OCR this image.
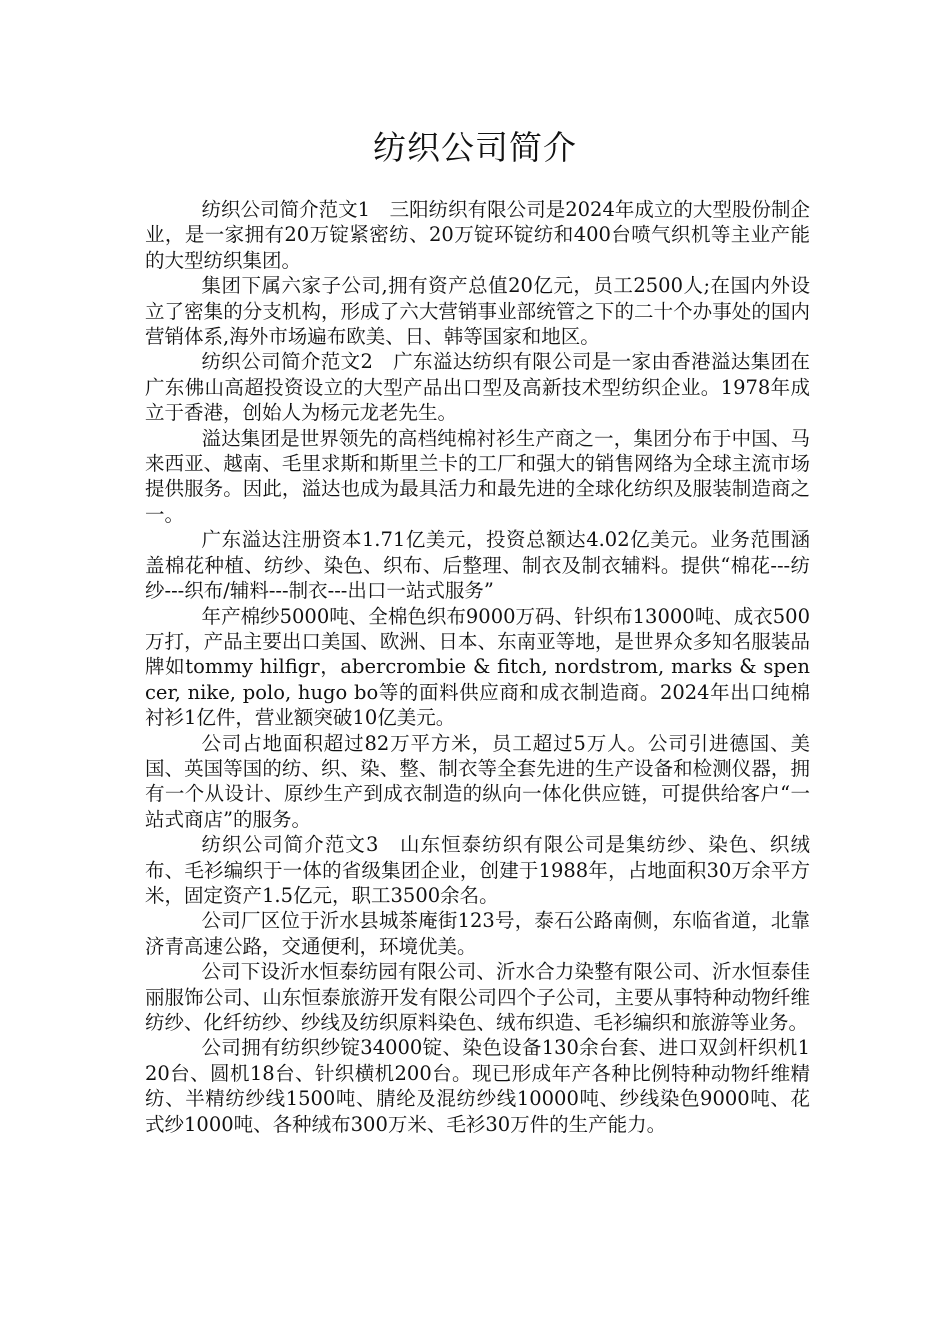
纺织公司简介

纺织公司简介范文1　三阳纺织有限公司是2024年成立的大型股份制企业，是一家拥有20万锭紧密纺、20万锭环锭纺和400台喷气织机等主业产能的大型纺织集团。

集团下属六家子公司,拥有资产总值20亿元，员工2500人;在国内外设立了密集的分支机构，形成了六大营销事业部统管之下的二十个办事处的国内营销体系,海外市场遍布欧美、日、韩等国家和地区。

纺织公司简介范文2　广东溢达纺织有限公司是一家由香港溢达集团在广东佛山高超投资设立的大型产品出口型及高新技术型纺织企业。1978年成立于香港，创始人为杨元龙老先生。

溢达集团是世界领先的高档纯棉衬衫生产商之一，集团分布于中国、马来西亚、越南、毛里求斯和斯里兰卡的工厂和强大的销售网络为全球主流市场提供服务。因此，溢达也成为最具活力和最先进的全球化纺织及服装制造商之一。

广东溢达注册资本1.71亿美元，投资总额达4.02亿美元。业务范围涵盖棉花种植、纺纱、染色、织布、后整理、制衣及制衣辅料。提供“棉花---纺纱---织布/辅料---制衣---出口一站式服务”

年产棉纱5000吨、全棉色织布9000万码、针织布13000吨、成衣500万打，产品主要出口美国、欧洲、日本、东南亚等地，是世界众多知名服装品牌如tommy hilfigr，abercrombie & fitch, nordstrom, marks & spencer, nike, polo, hugo bo等的面料供应商和成衣制造商。2024年出口纯棉衬衫1亿件，营业额突破10亿美元。

公司占地面积超过82万平方米，员工超过5万人。公司引进德国、美国、英国等国的纺、织、染、整、制衣等全套先进的生产设备和检测仪器，拥有一个从设计、原纱生产到成衣制造的纵向一体化供应链，可提供给客户“一站式商店”的服务。

纺织公司简介范文3　山东恒泰纺织有限公司是集纺纱、染色、织绒布、毛衫编织于一体的省级集团企业，创建于1988年，占地面积30万余平方米，固定资产1.5亿元，职工3500余名。

公司厂区位于沂水县城茶庵街123号，泰石公路南侧，东临省道，北靠济青高速公路，交通便利，环境优美。

公司下设沂水恒泰纺园有限公司、沂水合力染整有限公司、沂水恒泰佳丽服饰公司、山东恒泰旅游开发有限公司四个子公司，主要从事特种动物纤维纺纱、化纤纺纱、纱线及纺织原料染色、绒布织造、毛衫编织和旅游等业务。

公司拥有纺织纱锭34000锭、染色设备130余台套、进口双剑杆织机120台、圆机18台、针织横机200台。现已形成年产各种比例特种动物纤维精纺、半精纺纱线1500吨、腈纶及混纺纱线10000吨、纱线染色9000吨、花式纱1000吨、各种绒布300万米、毛衫30万件的生产能力。
